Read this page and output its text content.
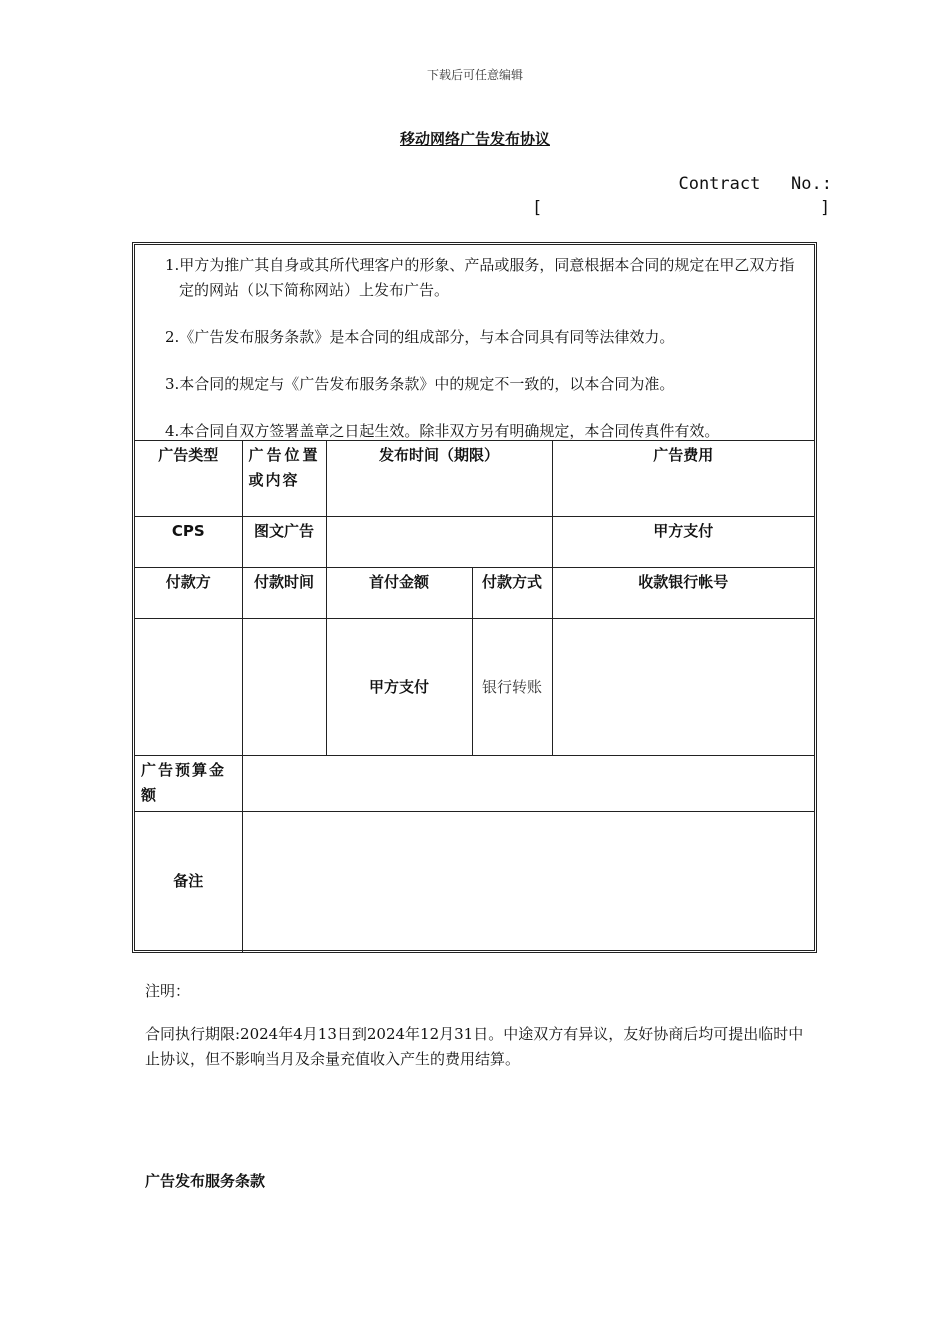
下载后可任意编辑
移动网络广告发布协议
Contract   No.:
[	]

1.甲方为推广其自身或其所代理客户的形象、产品或服务，同意根据本合同的规定在甲乙双方指定的网站（以下简称网站）上发布广告。

2.《广告发布服务条款》是本合同的组成部分，与本合同具有同等法律效力。

3.本合同的规定与《广告发布服务条款》中的规定不一致的，以本合同为准。

4.本合同自双方签署盖章之日起生效。除非双方另有明确规定，本合同传真件有效。

广告类型	广告位置或内容	发布时间（期限）		广告费用
CPS	图文广告			甲方支付
付款方	付款时间	首付金额	付款方式	收款银行帐号
		甲方支付	银行转账	
广告预算金额				
备注				
注明：
合同执行期限:2024年4月13日到2024年12月31日。中途双方有异议，友好协商后均可提出临时中止协议，但不影响当月及余量充值收入产生的费用结算。
广告发布服务条款
